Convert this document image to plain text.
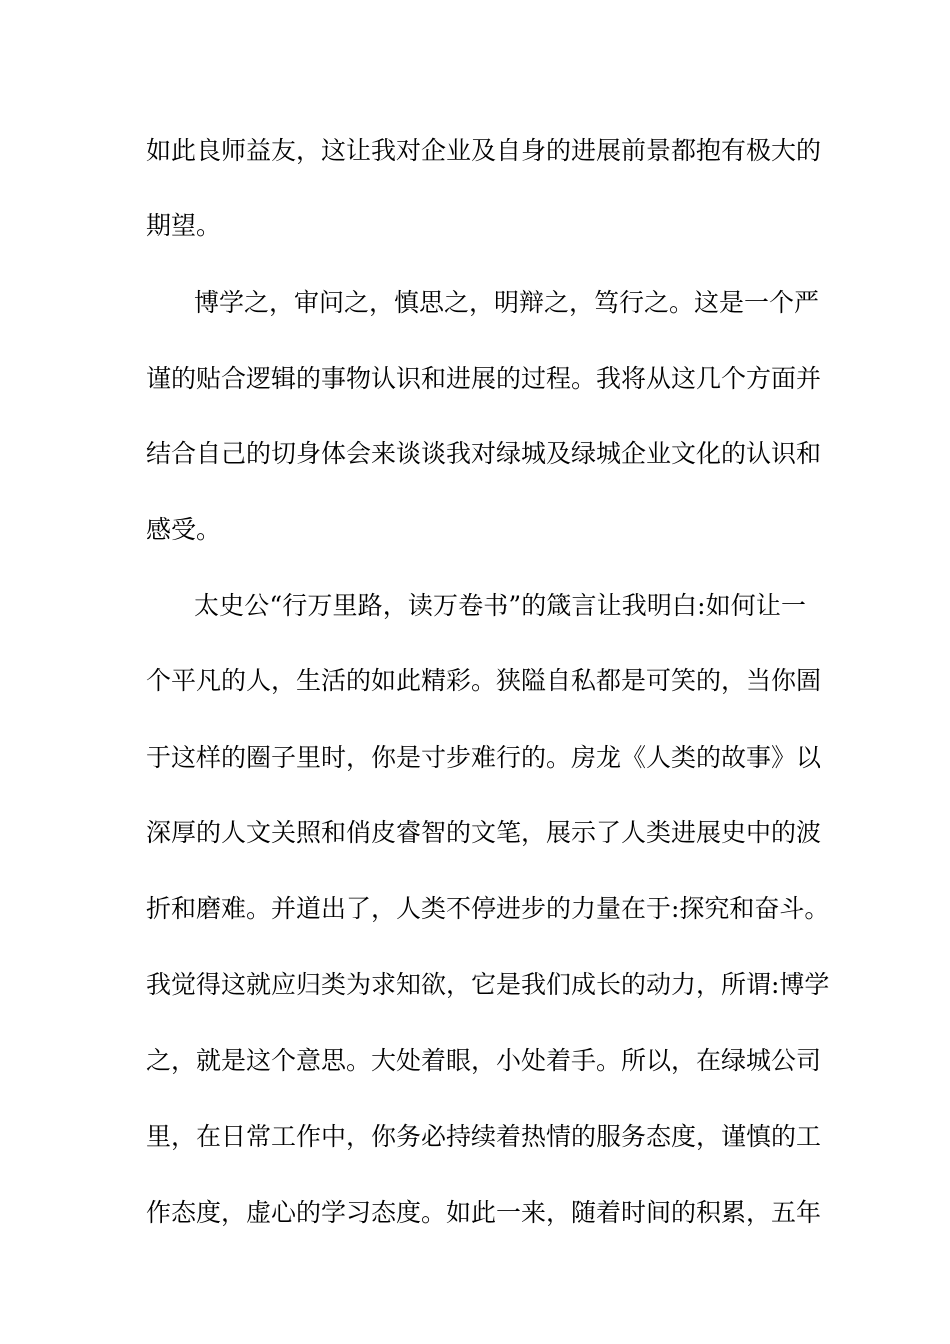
如此良师益友，这让我对企业及自身的进展前景都抱有极大的
期望。
博学之，审问之，慎思之，明辩之，笃行之。这是一个严
谨的贴合逻辑的事物认识和进展的过程。我将从这几个方面并
结合自己的切身体会来谈谈我对绿城及绿城企业文化的认识和
感受。
太史公“行万里路，读万卷书”的箴言让我明白:如何让一
个平凡的人，生活的如此精彩。狭隘自私都是可笑的，当你圄
于这样的圈子里时，你是寸步难行的。房龙《人类的故事》以
深厚的人文关照和俏皮睿智的文笔，展示了人类进展史中的波
折和磨难。并道出了，人类不停进步的力量在于:探究和奋斗。
我觉得这就应归类为求知欲，它是我们成长的动力，所谓:博学
之，就是这个意思。大处着眼，小处着手。所以，在绿城公司
里，在日常工作中，你务必持续着热情的服务态度，谨慎的工
作态度，虚心的学习态度。如此一来，随着时间的积累，五年
